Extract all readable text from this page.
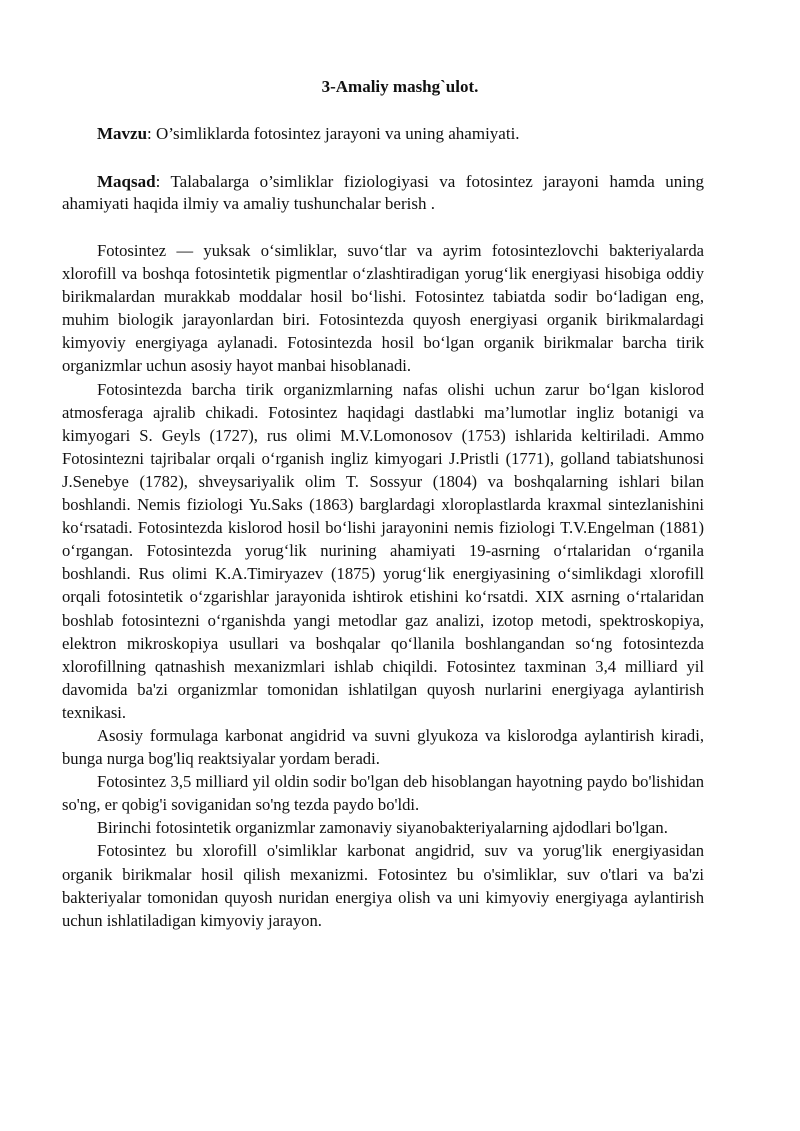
3-Amaliy mashg`ulot.
Mavzu: O’simliklarda fotosintez jarayoni va uning ahamiyati.

Maqsad: Talabalarga o’simliklar fiziologiyasi va fotosintez jarayoni hamda uning ahamiyati haqida ilmiy va amaliy tushunchalar berish .

Fotosintez — yuksak o‘simliklar, suvo‘tlar va ayrim fotosintezlovchi bakteriyalarda xlorofill va boshqa fotosintetik pigmentlar o‘zlashtiradigan yorug‘lik energiyasi hisobiga oddiy birikmalardan murakkab moddalar hosil bo‘lishi. Fotosintez tabiatda sodir bo‘ladigan eng, muhim biologik jarayonlardan biri. Fotosintezda quyosh energiyasi organik birikmalardagi kimyoviy energiyaga aylanadi. Fotosintezda hosil bo‘lgan organik birikmalar barcha tirik organizmlar uchun asosiy hayot manbai hisoblanadi.

Fotosintezda barcha tirik organizmlarning nafas olishi uchun zarur bo‘lgan kislorod atmosferaga ajralib chikadi. Fotosintez haqidagi dastlabki ma’lumotlar ingliz botanigi va kimyogari S. Geyls (1727), rus olimi M.V.Lomonosov (1753) ishlarida keltiriladi. Ammo Fotosintezni tajribalar orqali o‘rganish ingliz kimyogari J.Pristli (1771), golland tabiatshunosi J.Senebye (1782), shveysariyalik olim T. Sossyur (1804) va boshqalarning ishlari bilan boshlandi. Nemis fiziologi Yu.Saks (1863) barglardagi xloroplastlarda kraxmal sintezlanishini ko‘rsatadi. Fotosintezda kislorod hosil bo‘lishi jarayonini nemis fiziologi T.V.Engelman (1881) o‘rgangan. Fotosintezda yorug‘lik nurining ahamiyati 19-asrning o‘rtalaridan o‘rganila boshlandi. Rus olimi K.A.Timiryazev (1875) yorug‘lik energiyasining o‘simlikdagi xlorofill orqali fotosintetik o‘zgarishlar jarayonida ishtirok etishini ko‘rsatdi. XIX asrning o‘rtalaridan boshlab fotosintezni o‘rganishda yangi metodlar gaz analizi, izotop metodi, spektroskopiya, elektron mikroskopiya usullari va boshqalar qo‘llanila boshlangandan so‘ng fotosintezda xlorofillning qatnashish mexanizmlari ishlab chiqildi. Fotosintez taxminan 3,4 milliard yil davomida ba'zi organizmlar tomonidan ishlatilgan quyosh nurlarini energiyaga aylantirish texnikasi.

Asosiy formulaga karbonat angidrid va suvni glyukoza va kislorodga aylantirish kiradi, bunga nurga bog'liq reaktsiyalar yordam beradi.

Fotosintez 3,5 milliard yil oldin sodir bo'lgan deb hisoblangan hayotning paydo bo'lishidan so'ng, er qobig'i soviganidan so'ng tezda paydo bo'ldi.

Birinchi fotosintetik organizmlar zamonaviy siyanobakteriyalarning ajdodlari bo'lgan.

Fotosintez bu xlorofill o'simliklar karbonat angidrid, suv va yorug'lik energiyasidan organik birikmalar hosil qilish mexanizmi. Fotosintez bu o'simliklar, suv o'tlari va ba'zi bakteriyalar tomonidan quyosh nuridan energiya olish va uni kimyoviy energiyaga aylantirish uchun ishlatiladigan kimyoviy jarayon.
